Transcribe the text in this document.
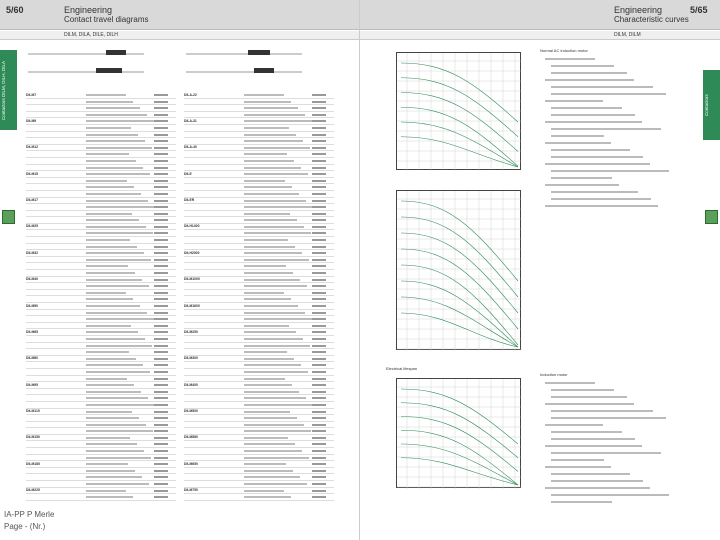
5/60	Engineering
Contact travel diagrams
DILM, DILA, DILE, DILH
Engineering
Characteristic curves
5/65
DILM, DILM
Contactors DILM, DILH, DILA	Contactors
DILM7
DILM9
DILM12
DILM15
DILM17
DILM25
DILM32
DILM40
DILM50
DILM65
DILM80
DILM95
DILM115
DILM150
DILM185
DILM225
DILA-22
DILA-31
DILA-40
DILE
DILER
DILH1400
DILH2000
DILM1000
DILM1600
DILM250
DILM300
DILM400
DILM500
DILM580
DILM650
DILM750
Normal AC induction motor
Induction motor
Electrical lifespan
IA-PP P Merle
Page - (Nr.)
